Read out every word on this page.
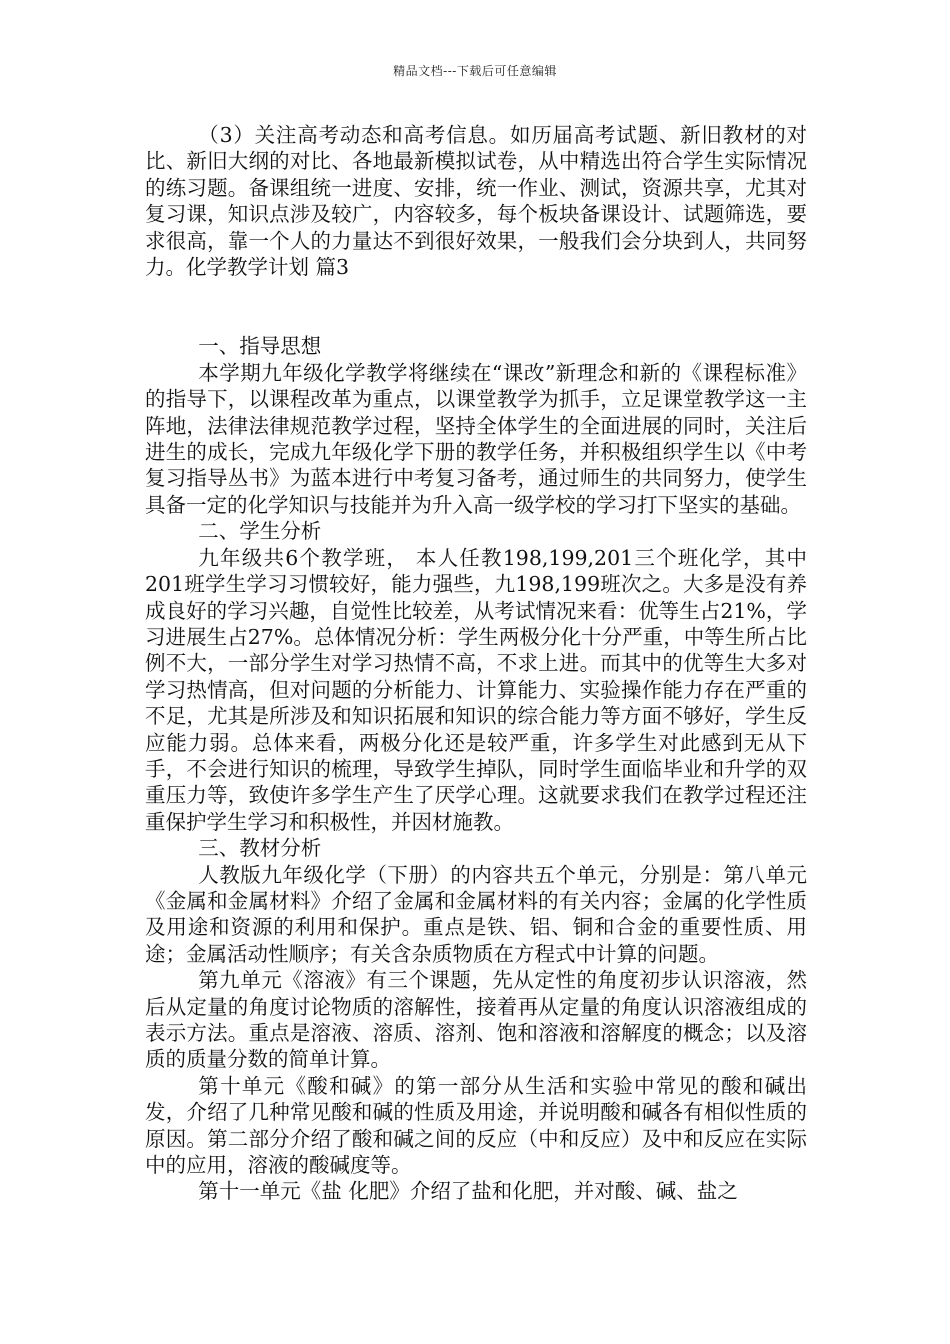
精品文档---下载后可任意编辑

（3）关注高考动态和高考信息。如历届高考试题、新旧教材的对比、新旧大纲的对比、各地最新模拟试卷，从中精选出符合学生实际情况的练习题。备课组统一进度、安排，统一作业、测试，资源共享，尤其对复习课，知识点涉及较广，内容较多，每个板块备课设计、试题筛选，要求很高，靠一个人的力量达不到很好效果，一般我们会分块到人，共同努力。化学教学计划 篇3

一、指导思想

本学期九年级化学教学将继续在“课改”新理念和新的《课程标准》的指导下，以课程改革为重点，以课堂教学为抓手，立足课堂教学这一主阵地，法律法律规范教学过程，坚持全体学生的全面进展的同时，关注后进生的成长，完成九年级化学下册的教学任务，并积极组织学生以《中考复习指导丛书》为蓝本进行中考复习备考，通过师生的共同努力，使学生具备一定的化学知识与技能并为升入高一级学校的学习打下坚实的基础。

二、学生分析

九年级共6个教学班， 本人任教198,199,201三个班化学，其中201班学生学习习惯较好，能力强些，九198,199班次之。大多是没有养成良好的学习兴趣，自觉性比较差，从考试情况来看：优等生占21%，学习进展生占27%。总体情况分析：学生两极分化十分严重，中等生所占比例不大，一部分学生对学习热情不高，不求上进。而其中的优等生大多对学习热情高，但对问题的分析能力、计算能力、实验操作能力存在严重的不足，尤其是所涉及和知识拓展和知识的综合能力等方面不够好，学生反应能力弱。总体来看，两极分化还是较严重，许多学生对此感到无从下手，不会进行知识的梳理，导致学生掉队，同时学生面临毕业和升学的双重压力等，致使许多学生产生了厌学心理。这就要求我们在教学过程还注重保护学生学习和积极性，并因材施教。

三、教材分析

人教版九年级化学（下册）的内容共五个单元，分别是：第八单元《金属和金属材料》介绍了金属和金属材料的有关内容；金属的化学性质及用途和资源的利用和保护。重点是铁、铝、铜和合金的重要性质、用途；金属活动性顺序；有关含杂质物质在方程式中计算的问题。

第九单元《溶液》有三个课题，先从定性的角度初步认识溶液，然后从定量的角度讨论物质的溶解性，接着再从定量的角度认识溶液组成的表示方法。重点是溶液、溶质、溶剂、饱和溶液和溶解度的概念；以及溶质的质量分数的简单计算。

第十单元《酸和碱》的第一部分从生活和实验中常见的酸和碱出发，介绍了几种常见酸和碱的性质及用途，并说明酸和碱各有相似性质的原因。第二部分介绍了酸和碱之间的反应（中和反应）及中和反应在实际中的应用，溶液的酸碱度等。

第十一单元《盐 化肥》介绍了盐和化肥，并对酸、碱、盐之
